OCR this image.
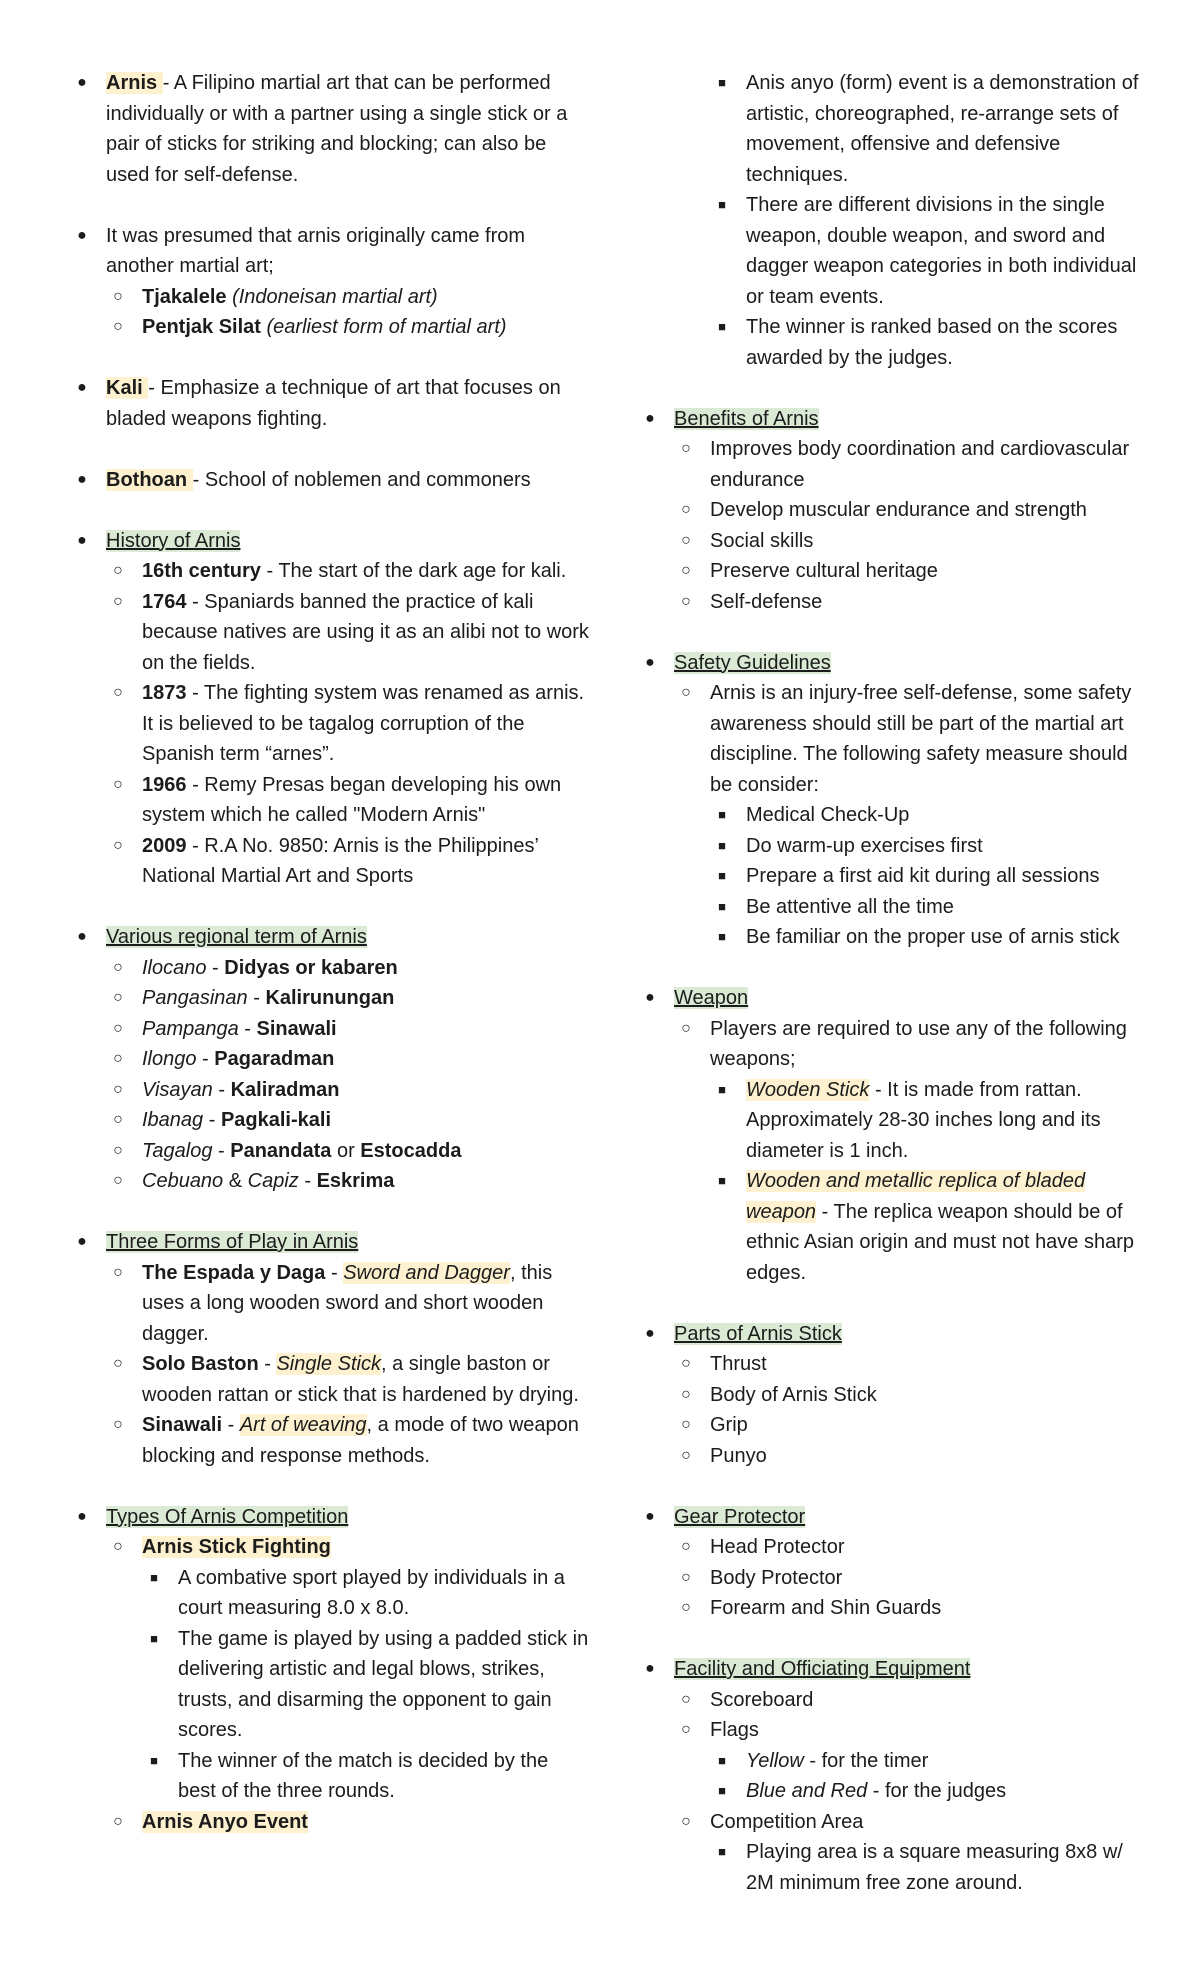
● Arnis - A Filipino martial art that can be performed individually or with a partner using a single stick or a pair of sticks for striking and blocking; can also be used for self-defense.
● It was presumed that arnis originally came from another martial art;
○ Tjakalele (Indoneisan martial art)
○ Pentjak Silat (earliest form of martial art)
● Kali - Emphasize a technique of art that focuses on bladed weapons fighting.
● Bothoan - School of noblemen and commoners
● History of Arnis
○ 16th century - The start of the dark age for kali.
○ 1764 - Spaniards banned the practice of kali because natives are using it as an alibi not to work on the fields.
○ 1873 - The fighting system was renamed as arnis. It is believed to be tagalog corruption of the Spanish term “arnes”.
○ 1966 - Remy Presas began developing his own system which he called "Modern Arnis"
○ 2009 - R.A No. 9850: Arnis is the Philippines’ National Martial Art and Sports
● Various regional term of Arnis
○ Ilocano - Didyas or kabaren
○ Pangasinan - Kalirunungan
○ Pampanga - Sinawali
○ Ilongo - Pagaradman
○ Visayan - Kaliradman
○ Ibanag - Pagkali-kali
○ Tagalog - Panandata or Estocadda
○ Cebuano & Capiz - Eskrima
● Three Forms of Play in Arnis
○ The Espada y Daga - Sword and Dagger, this uses a long wooden sword and short wooden dagger.
○ Solo Baston - Single Stick, a single baston or wooden rattan or stick that is hardened by drying.
○ Sinawali - Art of weaving, a mode of two weapon blocking and response methods.
● Types Of Arnis Competition
○ Arnis Stick Fighting
■	A combative sport played by individuals in a court measuring 8.0 x 8.0.
■	The game is played by using a padded stick in delivering artistic and legal blows, strikes, trusts, and disarming the opponent to gain scores.
■	The winner of the match is decided by the best of the three rounds.
○ Arnis Anyo Event
■	Anis anyo (form) event is a demonstration of artistic, choreographed, re-arrange sets of movement, offensive and defensive techniques.
■	There are different divisions in the single weapon, double weapon, and sword and dagger weapon categories in both individual or team events.
■	The winner is ranked based on the scores awarded by the judges.
● Benefits of Arnis
○ Improves body coordination and cardiovascular endurance
○ Develop muscular endurance and strength
○ Social skills
○ Preserve cultural heritage
○ Self-defense
● Safety Guidelines
○ Arnis is an injury-free self-defense, some safety awareness should still be part of the martial art discipline. The following safety measure should be consider:
■	Medical Check-Up
■	Do warm-up exercises first
■	Prepare a first aid kit during all sessions
■	Be attentive all the time
■	Be familiar on the proper use of arnis stick
● Weapon
○ Players are required to use any of the following weapons;
■	Wooden Stick - It is made from rattan. Approximately 28-30 inches long and its diameter is 1 inch.
■	Wooden and metallic replica of bladed weapon - The replica weapon should be of ethnic Asian origin and must not have sharp edges.
● Parts of Arnis Stick
○ Thrust
○ Body of Arnis Stick
○ Grip
○ Punyo
● Gear Protector
○ Head Protector
○ Body Protector
○ Forearm and Shin Guards
● Facility and Officiating Equipment
○ Scoreboard
○ Flags
■	Yellow - for the timer
■	Blue and Red - for the judges
○ Competition Area
■	Playing area is a square measuring 8x8 w/ 2M minimum free zone around.
